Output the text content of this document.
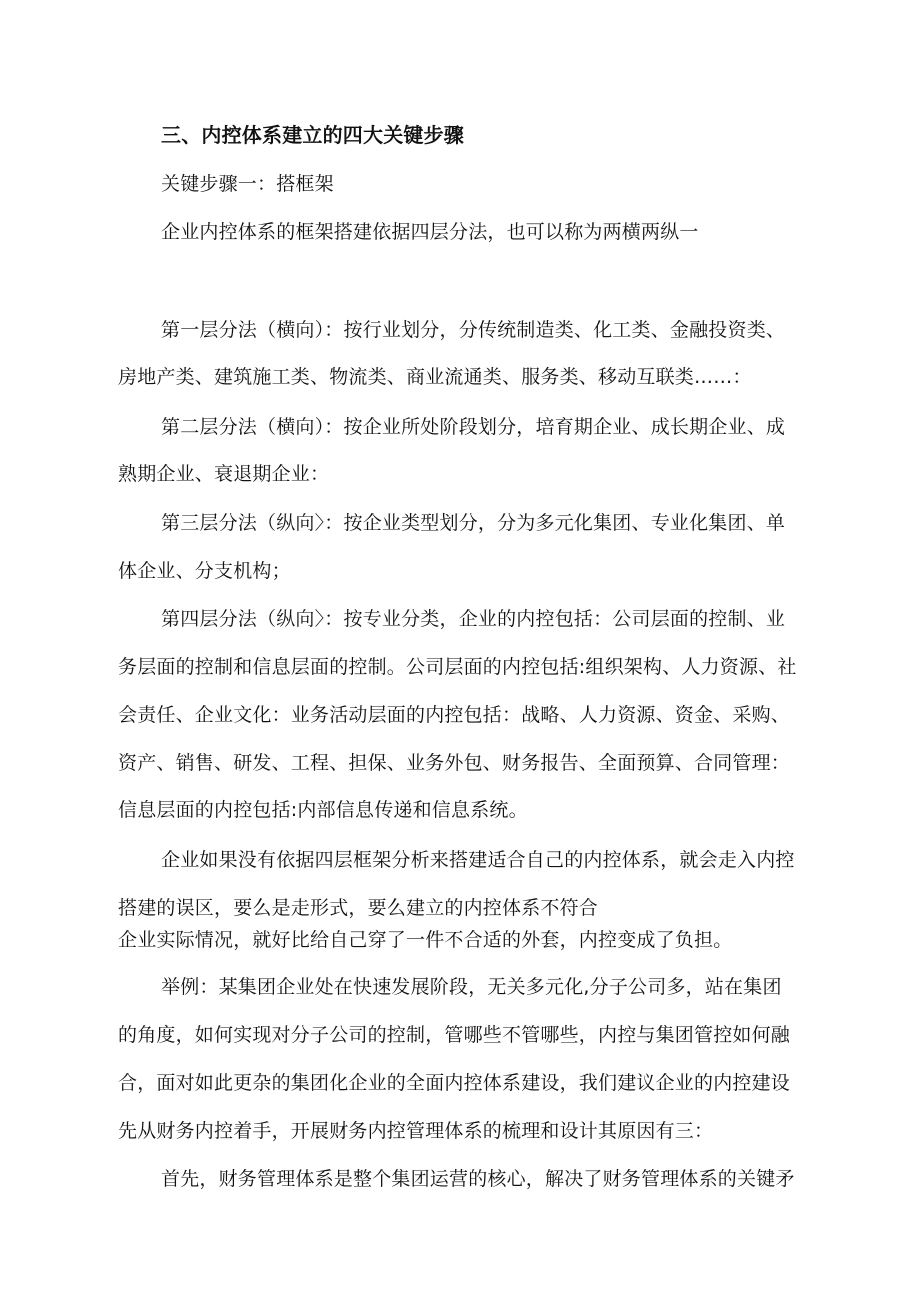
三、内控体系建立的四大关键步骤
关键步骤一：搭框架
企业内控体系的框架搭建依据四层分法，也可以称为两横两纵一
第一层分法（横向）：按行业划分，分传统制造类、化工类、金融投资类、
房地产类、建筑施工类、物流类、商业流通类、服务类、移动互联类……：
第二层分法（横向）：按企业所处阶段划分，培育期企业、成长期企业、成
熟期企业、衰退期企业：
第三层分法（纵向〉：按企业类型划分，分为多元化集团、专业化集团、单
体企业、分支机构；
第四层分法（纵向〉：按专业分类，企业的内控包括：公司层面的控制、业
务层面的控制和信息层面的控制。公司层面的内控包括:组织架构、人力资源、社
会责任、企业文化：业务活动层面的内控包括：战略、人力资源、资金、采购、
资产、销售、研发、工程、担保、业务外包、财务报告、全面预算、合同管理：
信息层面的内控包括:内部信息传递和信息系统。
企业如果没有依据四层框架分析来搭建适合自己的内控体系，就会走入内控
搭建的误区，要么是走形式，要么建立的内控体系不符合
企业实际情况，就好比给自己穿了一件不合适的外套，内控变成了负担。
举例：某集团企业处在快速发展阶段，无关多元化,分子公司多，站在集团
的角度，如何实现对分子公司的控制，管哪些不管哪些，内控与集团管控如何融
合，面对如此更杂的集团化企业的全面内控体系建设，我们建议企业的内控建设
先从财务内控着手，开展财务内控管理体系的梳理和设计其原因有三：
首先，财务管理体系是整个集团运营的核心，解决了财务管理体系的关键矛
